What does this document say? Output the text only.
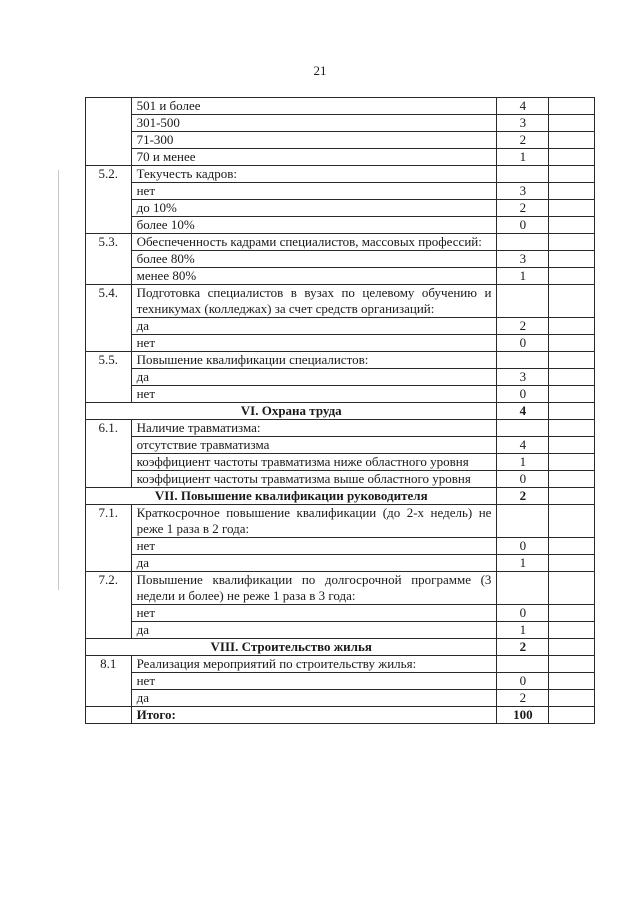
21
	501 и более	4	
	301-500	3	
	71-300	2	
	70 и менее	1	
5.2.	Текучесть кадров:		
	нет	3	
	до 10%	2	
	более 10%	0	
5.3.	Обеспеченность кадрами специалистов, массовых профессий:		
	более 80%	3	
	менее 80%	1	
5.4.	Подготовка специалистов в вузах по целевому обучению и техникумах (колледжах) за счет средств организаций:		
	да	2	
	нет	0	
5.5.	Повышение квалификации специалистов:		
	да	3	
	нет	0	
VI. Охрана труда		4	
6.1.	Наличие травматизма:		
	отсутствие травматизма	4	
	коэффициент частоты травматизма ниже областного уровня	1	
	коэффициент частоты травматизма выше областного уровня	0	
VII. Повышение квалификации руководителя		2	
7.1.	Краткосрочное повышение квалификации (до 2-х недель) не реже 1 раза в 2 года:		
	нет	0	
	да	1	
7.2.	Повышение квалификации по долгосрочной программе (3 недели и более) не реже 1 раза в 3 года:		
	нет	0	
	да	1	
VIII. Строительство жилья		2	
8.1	Реализация мероприятий по строительству жилья:		
	нет	0	
	да	2	
	Итого:	100	
